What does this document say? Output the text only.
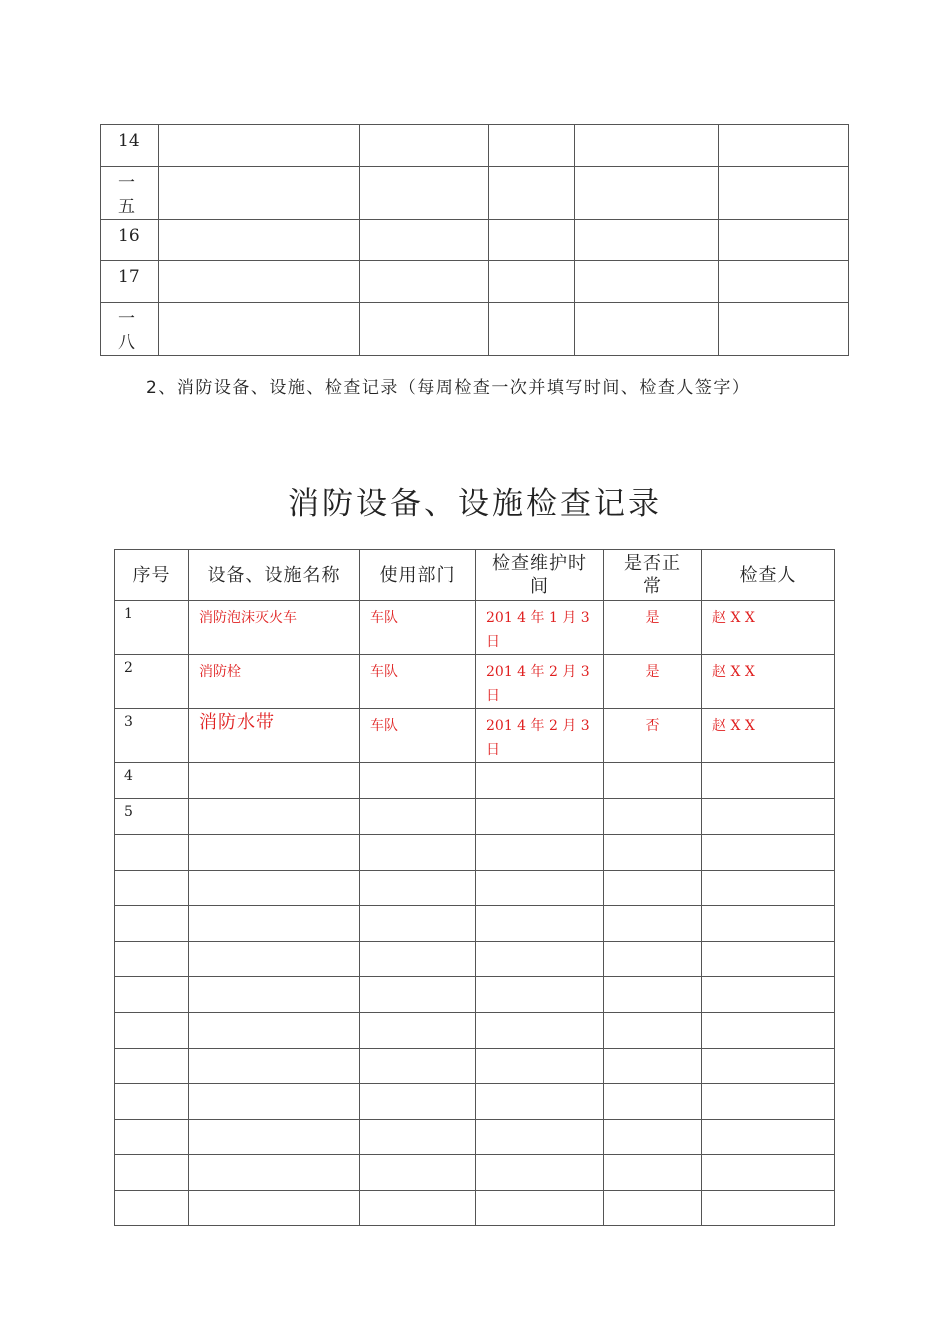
14					

一五					

16					
17					

一八					

2、消防设备、设施、检查记录（每周检查一次并填写时间、检查人签字）
消防设备、设施检查记录
序号	设备、设施名称	使用部门	检查维护时间	是否正常	检查人
1	消防泡沫灭火车	车队	201 4 年 1 月 3 日	是	赵 X X
2	消防栓	车队	201 4 年 2 月 3 日	是	赵 X X
3	消防水带	车队	201 4 年 2 月 3 日	否	赵 X X
4					
5					
